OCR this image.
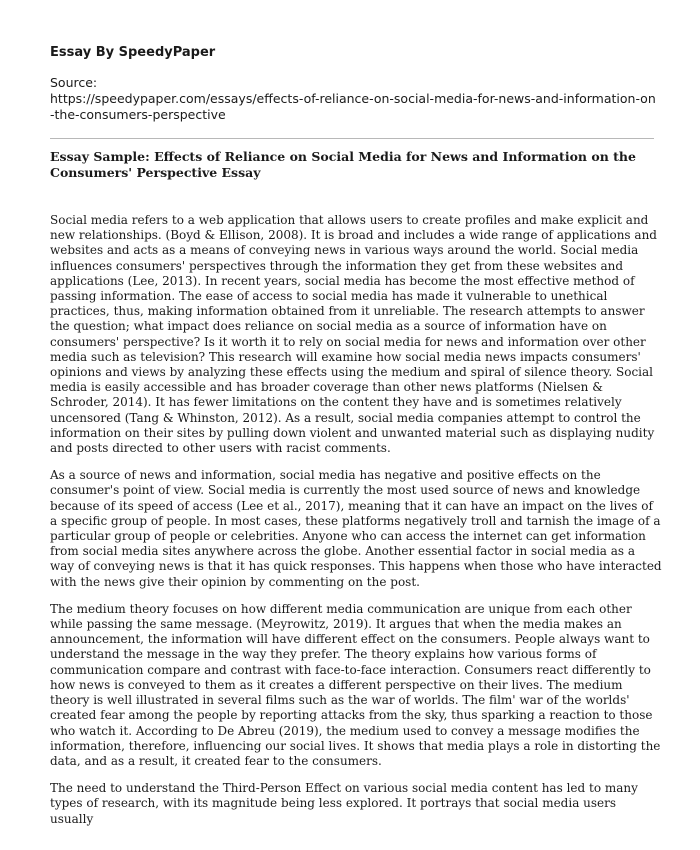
Essay By SpeedyPaper
Source:
https://speedypaper.com/essays/effects-of-reliance-on-social-media-for-news-and-information-on-the-consumers-perspective
Essay Sample: Effects of Reliance on Social Media for News and Information on the Consumers' Perspective Essay

Social media refers to a web application that allows users to create profiles and make explicit and new relationships. (Boyd & Ellison, 2008). It is broad and includes a wide range of applications and websites and acts as a means of conveying news in various ways around the world. Social media influences consumers' perspectives through the information they get from these websites and applications (Lee, 2013). In recent years, social media has become the most effective method of passing information. The ease of access to social media has made it vulnerable to unethical practices, thus, making information obtained from it unreliable. The research attempts to answer the question; what impact does reliance on social media as a source of information have on consumers' perspective? Is it worth it to rely on social media for news and information over other media such as television? This research will examine how social media news impacts consumers' opinions and views by analyzing these effects using the medium and spiral of silence theory. Social media is easily accessible and has broader coverage than other news platforms (Nielsen & Schroder, 2014). It has fewer limitations on the content they have and is sometimes relatively uncensored (Tang & Whinston, 2012). As a result, social media companies attempt to control the information on their sites by pulling down violent and unwanted material such as displaying nudity and posts directed to other users with racist comments.

As a source of news and information, social media has negative and positive effects on the consumer's point of view. Social media is currently the most used source of news and knowledge because of its speed of access (Lee et al., 2017), meaning that it can have an impact on the lives of a specific group of people. In most cases, these platforms negatively troll and tarnish the image of a particular group of people or celebrities. Anyone who can access the internet can get information from social media sites anywhere across the globe. Another essential factor in social media as a way of conveying news is that it has quick responses. This happens when those who have interacted with the news give their opinion by commenting on the post.

The medium theory focuses on how different media communication are unique from each other while passing the same message. (Meyrowitz, 2019). It argues that when the media makes an announcement, the information will have different effect on the consumers. People always want to understand the message in the way they prefer. The theory explains how various forms of communication compare and contrast with face-to-face interaction. Consumers react differently to how news is conveyed to them as it creates a different perspective on their lives. The medium theory is well illustrated in several films such as the war of worlds. The film' war of the worlds' created fear among the people by reporting attacks from the sky, thus sparking a reaction to those who watch it. According to De Abreu (2019), the medium used to convey a message modifies the information, therefore, influencing our social lives. It shows that media plays a role in distorting the data, and as a result, it created fear to the consumers.

The need to understand the Third-Person Effect on various social media content has led to many types of research, with its magnitude being less explored. It portrays that social media users usually
